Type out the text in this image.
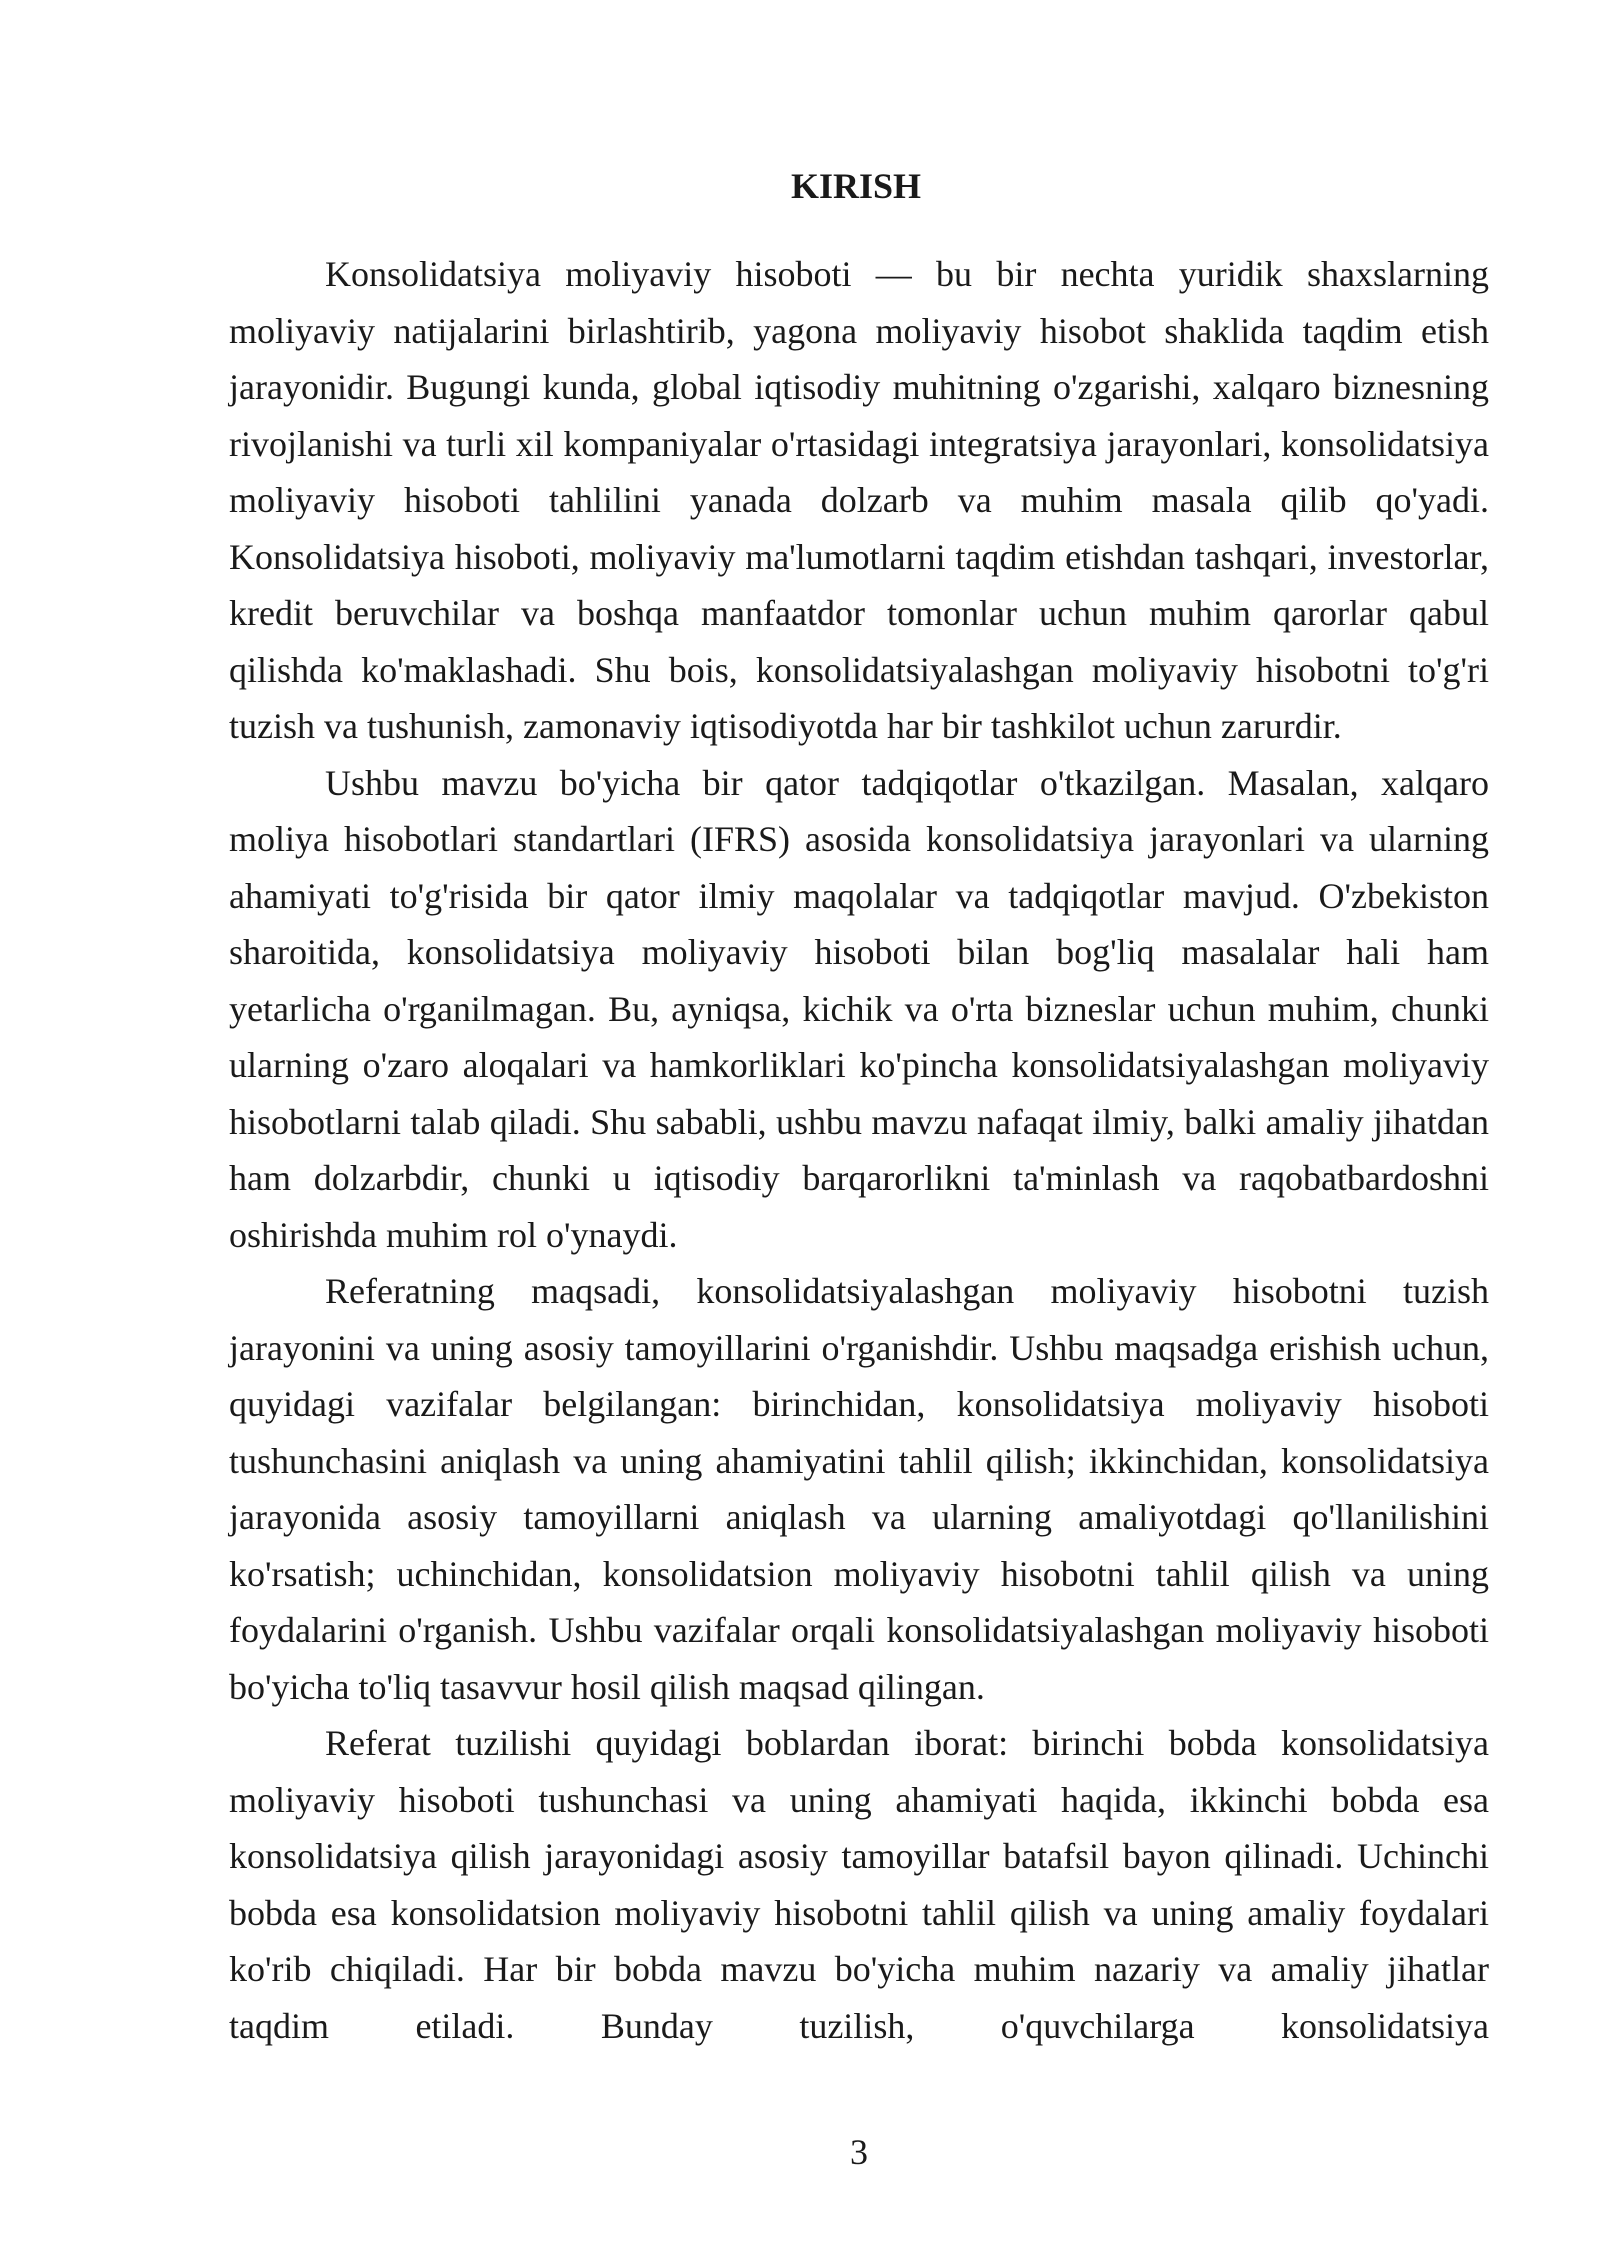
KIRISH

Konsolidatsiya moliyaviy hisoboti — bu bir nechta yuridik shaxslarning moliyaviy natijalarini birlashtirib, yagona moliyaviy hisobot shaklida taqdim etish jarayonidir. Bugungi kunda, global iqtisodiy muhitning o'zgarishi, xalqaro biznesning rivojlanishi va turli xil kompaniyalar o'rtasidagi integratsiya jarayonlari, konsolidatsiya moliyaviy hisoboti tahlilini yanada dolzarb va muhim masala qilib qo'yadi. Konsolidatsiya hisoboti, moliyaviy ma'lumotlarni taqdim etishdan tashqari, investorlar, kredit beruvchilar va boshqa manfaatdor tomonlar uchun muhim qarorlar qabul qilishda ko'maklashadi. Shu bois, konsolidatsiyalashgan moliyaviy hisobotni to'g'ri tuzish va tushunish, zamonaviy iqtisodiyotda har bir tashkilot uchun zarurdir.

Ushbu mavzu bo'yicha bir qator tadqiqotlar o'tkazilgan. Masalan, xalqaro moliya hisobotlari standartlari (IFRS) asosida konsolidatsiya jarayonlari va ularning ahamiyati to'g'risida bir qator ilmiy maqolalar va tadqiqotlar mavjud. O'zbekiston sharoitida, konsolidatsiya moliyaviy hisoboti bilan bog'liq masalalar hali ham yetarlicha o'rganilmagan. Bu, ayniqsa, kichik va o'rta bizneslar uchun muhim, chunki ularning o'zaro aloqalari va hamkorliklari ko'pincha konsolidatsiyalashgan moliyaviy hisobotlarni talab qiladi. Shu sababli, ushbu mavzu nafaqat ilmiy, balki amaliy jihatdan ham dolzarbdir, chunki u iqtisodiy barqarorlikni ta'minlash va raqobatbardoshni oshirishda muhim rol o'ynaydi.

Referatning maqsadi, konsolidatsiyalashgan moliyaviy hisobotni tuzish jarayonini va uning asosiy tamoyillarini o'rganishdir. Ushbu maqsadga erishish uchun, quyidagi vazifalar belgilangan: birinchidan, konsolidatsiya moliyaviy hisoboti tushunchasini aniqlash va uning ahamiyatini tahlil qilish; ikkinchidan, konsolidatsiya jarayonida asosiy tamoyillarni aniqlash va ularning amaliyotdagi qo'llanilishini ko'rsatish; uchinchidan, konsolidatsion moliyaviy hisobotni tahlil qilish va uning foydalarini o'rganish. Ushbu vazifalar orqali konsolidatsiyalashgan moliyaviy hisoboti bo'yicha to'liq tasavvur hosil qilish maqsad qilingan.

Referat tuzilishi quyidagi boblardan iborat: birinchi bobda konsolidatsiya moliyaviy hisoboti tushunchasi va uning ahamiyati haqida, ikkinchi bobda esa konsolidatsiya qilish jarayonidagi asosiy tamoyillar batafsil bayon qilinadi. Uchinchi bobda esa konsolidatsion moliyaviy hisobotni tahlil qilish va uning amaliy foydalari ko'rib chiqiladi. Har bir bobda mavzu bo'yicha muhim nazariy va amaliy jihatlar taqdim etiladi. Bunday tuzilish, o'quvchilarga konsolidatsiya

3
